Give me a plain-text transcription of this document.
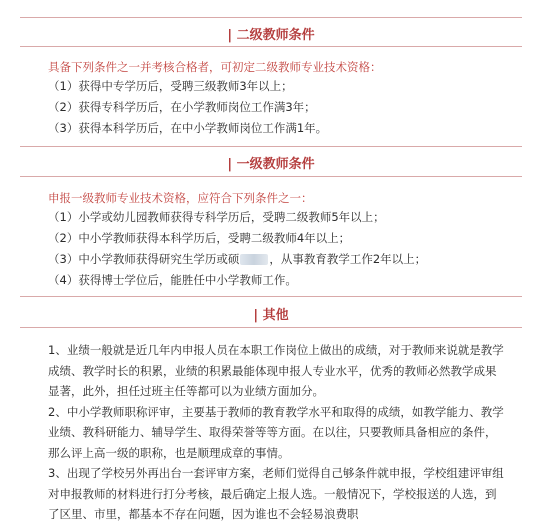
| 二级教师条件
具备下列条件之一并考核合格者，可初定二级教师专业技术资格：
（1）获得中专学历后，受聘三级教师3年以上；
（2）获得专科学历后，在小学教师岗位工作满3年；
（3）获得本科学历后，在中小学教师岗位工作满1年。
| 一级教师条件
申报一级教师专业技术资格，应符合下列条件之一：
（1）小学或幼儿园教师获得专科学历后，受聘二级教师5年以上；
（2）中小学教师获得本科学历后，受聘二级教师4年以上；
（3）中小学教师获得研究生学历或硕	，从事教育教学工作2年以上；
（4）获得博士学位后，能胜任中小学教师工作。
| 其他
1、业绩一般就是近几年内申报人员在本职工作岗位上做出的成绩，对于教师来说就是教学成绩、教学时长的积累，业绩的积累最能体现申报人专业水平，优秀的教师必然教学成果显著，此外，担任过班主任等都可以为业绩方面加分。
2、中小学教师职称评审，主要基于教师的教育教学水平和取得的成绩，如教学能力、教学业绩、教科研能力、辅导学生、取得荣誉等等方面。在以往，只要教师具备相应的条件，那么评上高一级的职称，也是顺理成章的事情。
3、出现了学校另外再出台一套评审方案，老师们觉得自己够条件就申报，学校组建评审组对申报教师的材料进行打分考核，最后确定上报人选。一般情况下，学校报送的人选，到了区里、市里，都基本不存在问题，因为谁也不会轻易浪费职
